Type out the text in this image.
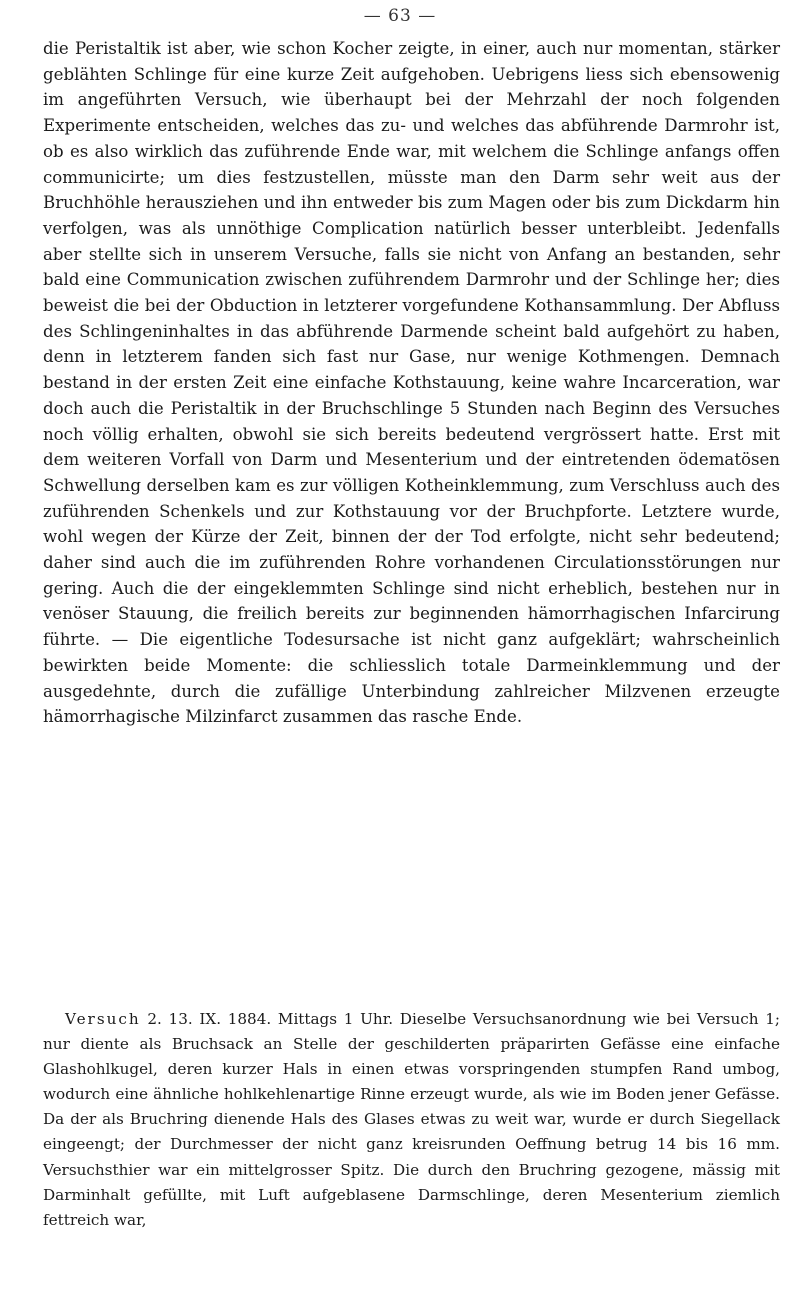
— 63 —

die Peristaltik ist aber, wie schon Kocher zeigte, in einer, auch nur momentan, stärker geblähten Schlinge für eine kurze Zeit aufgehoben. Uebrigens liess sich ebensowenig im angeführten Versuch, wie überhaupt bei der Mehrzahl der noch folgenden Experimente entscheiden, welches das zu- und welches das abführende Darmrohr ist, ob es also wirklich das zuführende Ende war, mit welchem die Schlinge anfangs offen communicirte; um dies festzustellen, müsste man den Darm sehr weit aus der Bruchhöhle herausziehen und ihn entweder bis zum Magen oder bis zum Dickdarm hin verfolgen, was als unnöthige Complication natürlich besser unterbleibt. Jedenfalls aber stellte sich in unserem Versuche, falls sie nicht von Anfang an bestanden, sehr bald eine Communication zwischen zuführendem Darmrohr und der Schlinge her; dies beweist die bei der Obduction in letzterer vorgefundene Kothansammlung. Der Abfluss des Schlingeninhaltes in das abführende Darmende scheint bald aufgehört zu haben, denn in letzterem fanden sich fast nur Gase, nur wenige Kothmengen. Demnach bestand in der ersten Zeit eine einfache Kothstauung, keine wahre Incarceration, war doch auch die Peristaltik in der Bruchschlinge 5 Stunden nach Beginn des Versuches noch völlig erhalten, obwohl sie sich bereits bedeutend vergrössert hatte. Erst mit dem weiteren Vorfall von Darm und Mesenterium und der eintretenden ödematösen Schwellung derselben kam es zur völligen Kotheinklemmung, zum Verschluss auch des zuführenden Schenkels und zur Kothstauung vor der Bruchpforte. Letztere wurde, wohl wegen der Kürze der Zeit, binnen der der Tod erfolgte, nicht sehr bedeutend; daher sind auch die im zuführenden Rohre vorhandenen Circulationsstörungen nur gering. Auch die der eingeklemmten Schlinge sind nicht erheblich, bestehen nur in venöser Stauung, die freilich bereits zur beginnenden hämorrhagischen Infarcirung führte. — Die eigentliche Todesursache ist nicht ganz aufgeklärt; wahrscheinlich bewirkten beide Momente: die schliesslich totale Darmeinklemmung und der ausgedehnte, durch die zufällige Unterbindung zahlreicher Milzvenen erzeugte hämorrhagische Milzinfarct zusammen das rasche Ende.

Versuch 2. 13. IX. 1884. Mittags 1 Uhr. Dieselbe Versuchsanordnung wie bei Versuch 1; nur diente als Bruchsack an Stelle der geschilderten präparirten Gefässe eine einfache Glashohlkugel, deren kurzer Hals in einen etwas vorspringenden stumpfen Rand umbog, wodurch eine ähnliche hohlkehlenartige Rinne erzeugt wurde, als wie im Boden jener Gefässe. Da der als Bruchring dienende Hals des Glases etwas zu weit war, wurde er durch Siegellack eingeengt; der Durchmesser der nicht ganz kreisrunden Oeffnung betrug 14 bis 16 mm. Versuchsthier war ein mittelgrosser Spitz. Die durch den Bruchring gezogene, mässig mit Darminhalt gefüllte, mit Luft aufgeblasene Darmschlinge, deren Mesenterium ziemlich fettreich war,
